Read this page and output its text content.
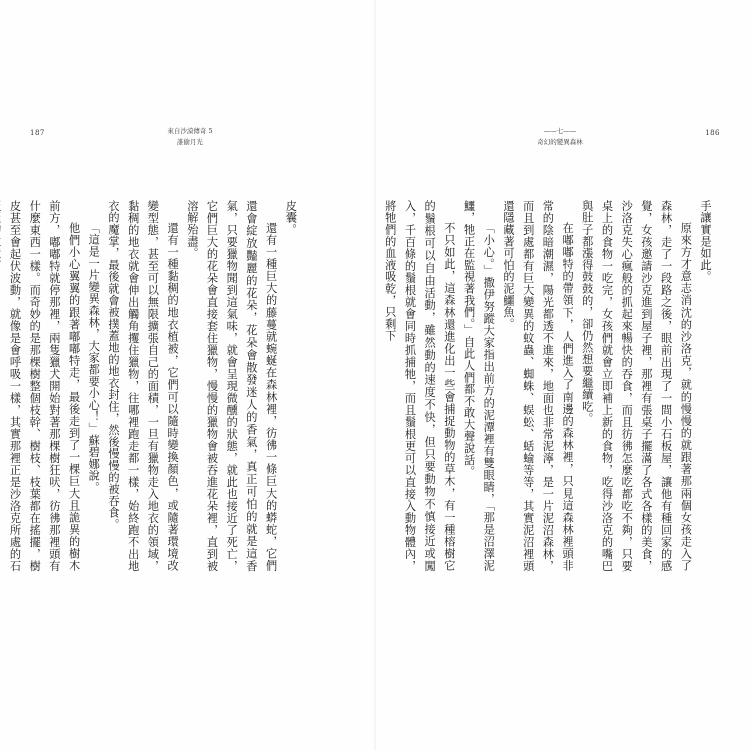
187	來自沙漠傳奇 5
誰偷月光

皮囊。

還有一種巨大的藤蔓就蜿蜒在森林裡，彷彿一條巨大的蟒蛇，它們還會綻放豔麗的花朵，花朵會散發迷人的香氣，真正可怕的就是這香氣，只要獵物聞到這氣味，就會呈現微醺的狀態，就此也接近了死亡，它們巨大的花朵會直接套住獵物，慢慢的獵物會被吞進花朵裡，直到被溶解殆盡。

還有一種黏稠的地衣植被，它們可以隨時變換顏色，或隨著環境改變型態，甚至可以無限擴張自己的面積，一旦有獵物走入地衣的領域，黏稠的地衣就會伸出觸角攫住獵物，往哪裡跑走都一樣，始終跑不出地衣的魔掌，最後就會被撲蓋地的地衣封住，然後慢慢的被吞食。

「這是一片變異森林，大家都要小心！」蘇碧娜說。

他們小心翼翼的跟著嘟嘟特走，最後走到了一棵巨大且詭異的樹木前方，嘟嘟特就停那裡，兩隻獵犬開始對著那棵樹狂吠，彷彿那裡頭有什麼東西一樣。而奇妙的是那棵樹整個枝幹、樹枝、枝葉都在搖擺，樹皮甚至會起伏波動，就像是會呼吸一樣，其實那裡正是沙洛克所處的石

——七——
奇幻的變異森林
186

手讓實是如此。

原來方才意志消沈的沙洛克，就的慢慢的就跟著那兩個女孩走入了森林，走了一段路之後，眼前出現了一間小石板屋，讓他有種回家的感覺，女孩邀請沙克進到屋子裡，那裡有張桌子擺滿了各式各樣的美食，沙洛克失心瘋般的抓起來暢快的吞食，而且彷彿怎麼吃都吃不夠，只要桌上的食物一吃完，女孩們就會立即補上新的食物，吃得沙洛克的嘴巴與肚子都漲得鼓鼓的，卻仍然想要繼續吃。

在嘟嘟特的帶領下，人們進入了南邊的森林裡，只見這森林裡頭非常的陰暗潮濕，陽光都透不進來，地面也非常泥濘，是一片泥沼森林，而且到處都有巨大變異的蚊蟲、蜘蛛、蜈蚣、蛞蝓等等，其實泥沼裡頭還隱藏著可怕的泥鱷魚。

「小心。」撒伊努蹤大家指出前方的泥潭裡有雙眼睛，「那是沼澤泥鱷，牠正在監視著我們。」自此人們都不敢大聲說話。

不只如此，這森林還進化出一些會捕捉動物的草木，有一種榕樹它的鬚根可以自由活動，雖然動的速度不快，但只要動物不慎接近或闖入，千百條的鬚根就會同時抓捕牠，而且鬚根更可以直接入動物體內，將牠們的血液吸乾，只剩下
